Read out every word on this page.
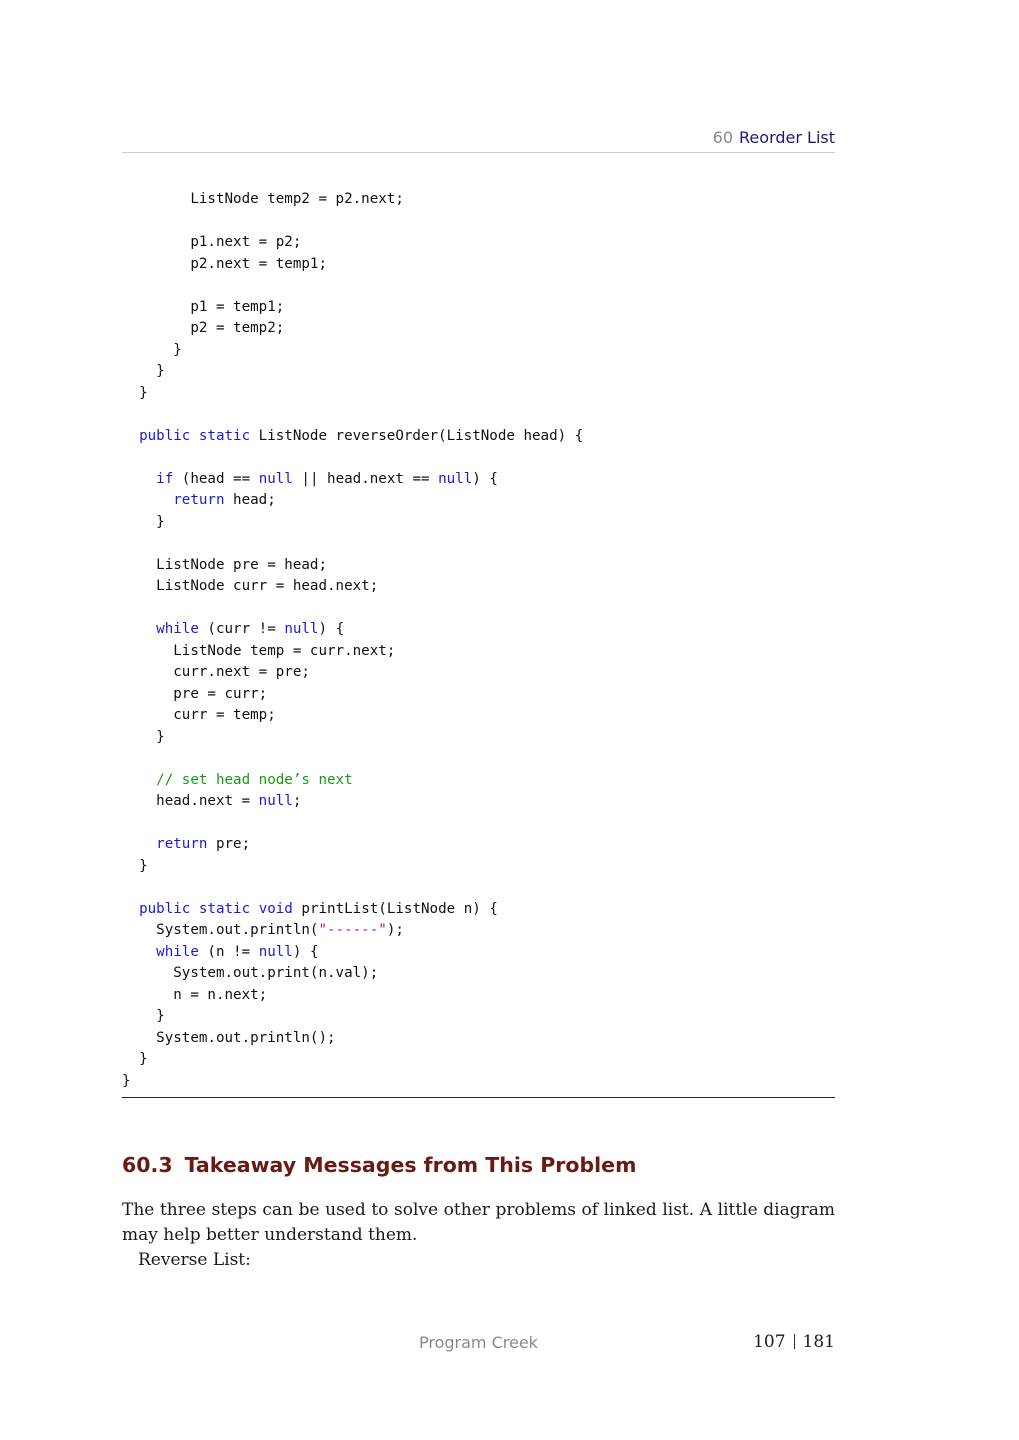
60 Reorder List
ListNode temp2 = p2.next;
p1.next = p2;
p2.next = temp1;
p1 = temp1;
p2 = temp2;
}
}
}
public static ListNode reverseOrder(ListNode head) {
if (head == null || head.next == null) {
return head;
}
ListNode pre = head;
ListNode curr = head.next;
while (curr != null) {
ListNode temp = curr.next;
curr.next = pre;
pre = curr;
curr = temp;
}
// set head node’s next
head.next = null;
return pre;
}
public static void printList(ListNode n) {
System.out.println("------");
while (n != null) {
System.out.print(n.val);
n = n.next;
}
System.out.println();
}
}
60.3 Takeaway Messages from This Problem
The three steps can be used to solve other problems of linked list. A little diagram may help better understand them.
Reverse List:
Program Creek	107 181
